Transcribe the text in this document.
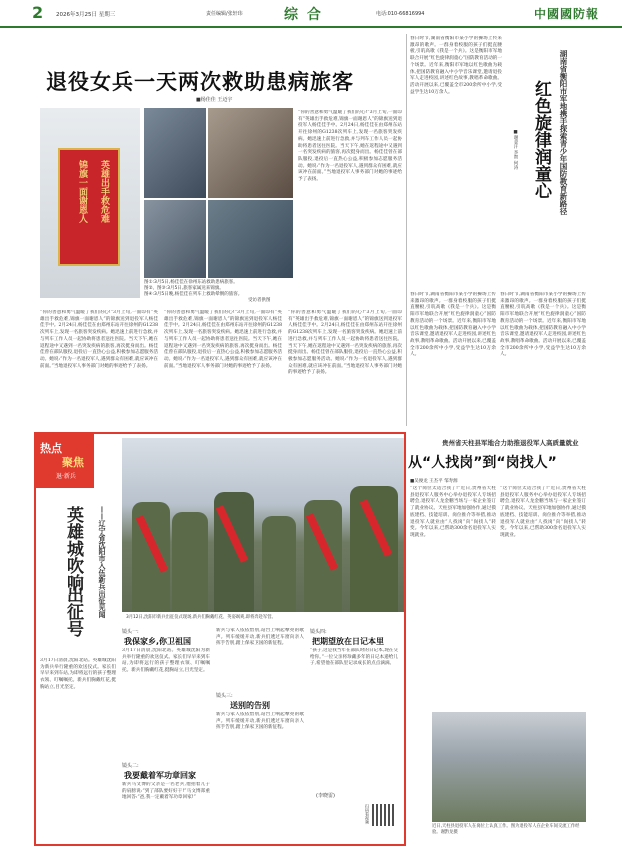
2 2026年3月25日 星期三	责任编辑/张轩玮	综 合	电话:010-66816994	中國國防報
退役女兵一天两次救助患病旅客
■杨佳佳 王迈宇
英雄出手救危难
锦旗一面谢恩人
图①:3月5日,杨佳佳在徐州东站救助患病旅客。
图②、图③:3月5日,旅客家属送来锦旗。
图④:3月5日晚,杨佳佳在列车上救助晕倒的旅客。
受访者供图
“你的善意和勇气温暖了我们的心!”3月上旬,一面印有“英雄出手救危难,锦旗一面谢恩人”的锦旗送到退役军人杨佳佳手中。2月24日,杨佳佳在由郑州东站开往徐州的G1238次列车上,发现一名旅客突发疾病。她迅速上前进行急救,并与列车工作人员一起协助将患者送往医院。当天下午,她在返程途中又遇到一名突发疾病的旅客,再次挺身而出。杨佳佳曾在部队服役,退役后一直热心公益,积极参加志愿服务活动。她说:“作为一名退役军人,遇到群众有困难,就应该冲在前面。”当地退役军人事务部门对她的事迹给予了表扬。
“你的善意和勇气温暖了我们的心!”3月上旬,一面印有“英雄出手救危难,锦旗一面谢恩人”的锦旗送到退役军人杨佳佳手中。2月24日,杨佳佳在由郑州东站开往徐州的G1238次列车上,发现一名旅客突发疾病。她迅速上前进行急救,并与列车工作人员一起协助将患者送往医院。当天下午,她在返程途中又遇到一名突发疾病的旅客,再次挺身而出。杨佳佳曾在部队服役,退役后一直热心公益,积极参加志愿服务活动。她说:“作为一名退役军人,遇到群众有困难,就应该冲在前面。”当地退役军人事务部门对她的事迹给予了表扬。
“你的善意和勇气温暖了我们的心!”3月上旬,一面印有“英雄出手救危难,锦旗一面谢恩人”的锦旗送到退役军人杨佳佳手中。2月24日,杨佳佳在由郑州东站开往徐州的G1238次列车上,发现一名旅客突发疾病。她迅速上前进行急救,并与列车工作人员一起协助将患者送往医院。当天下午,她在返程途中又遇到一名突发疾病的旅客,再次挺身而出。杨佳佳曾在部队服役,退役后一直热心公益,积极参加志愿服务活动。她说:“作为一名退役军人,遇到群众有困难,就应该冲在前面。”当地退役军人事务部门对她的事迹给予了表扬。
“你的善意和勇气温暖了我们的心!”3月上旬,一面印有“英雄出手救危难,锦旗一面谢恩人”的锦旗送到退役军人杨佳佳手中。2月24日,杨佳佳在由郑州东站开往徐州的G1238次列车上,发现一名旅客突发疾病。她迅速上前进行急救,并与列车工作人员一起协助将患者送往医院。当天下午,她在返程途中又遇到一名突发疾病的旅客,再次挺身而出。杨佳佳曾在部队服役,退役后一直热心公益,积极参加志愿服务活动。她说:“作为一名退役军人,遇到群众有困难,就应该冲在前面。”当地退役军人事务部门对她的事迹给予了表扬。
春日时节,湖南省衡阳市某小学的操场上传来激昂的歌声。一群身着校服的孩子们挺直腰板,引吭高歌《我是一个兵》。这是衡阳市军地联合开展“红色旋律润童心”国防教育活动的一个场景。近年来,衡阳市军地以红色歌曲为载体,把国防教育融入中小学音乐课堂,邀请退役军人走进校园,讲述红色故事,教唱革命歌曲。活动开展以来,已覆盖全市200余所中小学,受益学生达10万余人。	湖南省衡阳市军地携手探索青少年国防教育新路径
红色旋律润童心
■谢金汗 李智 何涛
春日时节,湖南省衡阳市某小学的操场上传来激昂的歌声。一群身着校服的孩子们挺直腰板,引吭高歌《我是一个兵》。这是衡阳市军地联合开展“红色旋律润童心”国防教育活动的一个场景。近年来,衡阳市军地以红色歌曲为载体,把国防教育融入中小学音乐课堂,邀请退役军人走进校园,讲述红色故事,教唱革命歌曲。活动开展以来,已覆盖全市200余所中小学,受益学生达10万余人。
春日时节,湖南省衡阳市某小学的操场上传来激昂的歌声。一群身着校服的孩子们挺直腰板,引吭高歌《我是一个兵》。这是衡阳市军地联合开展“红色旋律润童心”国防教育活动的一个场景。近年来,衡阳市军地以红色歌曲为载体,把国防教育融入中小学音乐课堂,邀请退役军人走进校园,讲述红色故事,教唱革命歌曲。活动开展以来,已覆盖全市200余所中小学,受益学生达10万余人。
热点
聚焦
退·新兵
英雄城吹响
出征号	——辽宁省沈阳市入伍新兵出征见闻	3月12日,沈阳市新兵出征仪式现场,新兵们胸戴红花、英姿飒爽,即将奔赴军营。
3月17日清晨,沈阳北站。英雄城沈阳为新兵举行隆重的欢送仪式。家长们早早来到车站,为即将远行的孩子整理衣领、叮嘱嘱托。新兵们胸戴红花,挺胸站立,目光坚定。
镜头一:
我保家乡,你卫祖国
3月17日清晨,沈阳北站。英雄城沈阳为新兵举行隆重的欢送仪式。家长们早早来到车站,为即将远行的孩子整理衣领、叮嘱嘱托。新兵们胸戴红花,挺胸站立,目光坚定。
镜头二:
我要戴着军功章回家
新兵马文博的父亲是一名老兵,他拍着儿子的肩膀说:“到了部队要好好干!”马文博郑重地回答:“爸,我一定戴着军功章回家!”
新兵与家人依依惜别,站台上响起嘹亮的歌声。列车缓缓开动,新兵们透过车窗向亲人挥手告别,踏上保家卫国的新征程。
镜头三:
送别的告别
新兵与家人依依惜别,站台上响起嘹亮的歌声。列车缓缓开动,新兵们透过车窗向亲人挥手告别,踏上保家卫国的新征程。
镜头四:
把期望放在日记本里
“孩子,这是我当年在部队时的日记本,现在交给你。”一位父亲将珍藏多年的日记本递给儿子,希望他在部队里记录成长的点点滴滴。
(李晓雷)
扫码看视频
贵州省天柱县军地合力助推退役军人高质量就业
从“人找岗”到“岗找人”
■吴俊龙 王杰平 邹寿源
“这个岗位太适合我了!”近日,贵州省天柱县退役军人服务中心举办退役军人专场招聘会,退役军人龙金鹏当场与一家企业签订了就业协议。天柱县军地加强协作,通过摸底建档、技能培训、岗位推介等举措,推动退役军人就业由“人找岗”向“岗找人”转变。今年以来,已帮助300余名退役军人实现就业。
“这个岗位太适合我了!”近日,贵州省天柱县退役军人服务中心举办退役军人专场招聘会,退役军人龙金鹏当场与一家企业签订了就业协议。天柱县军地加强协作,通过摸底建档、技能培训、岗位推介等举措,推动退役军人就业由“人找岗”向“岗找人”转变。今年以来,已帮助300余名退役军人实现就业。
近日,天柱县退役军人在岗位上认真工作。图为退役军人在企业车间交流工作经验。谢黔龙摄
